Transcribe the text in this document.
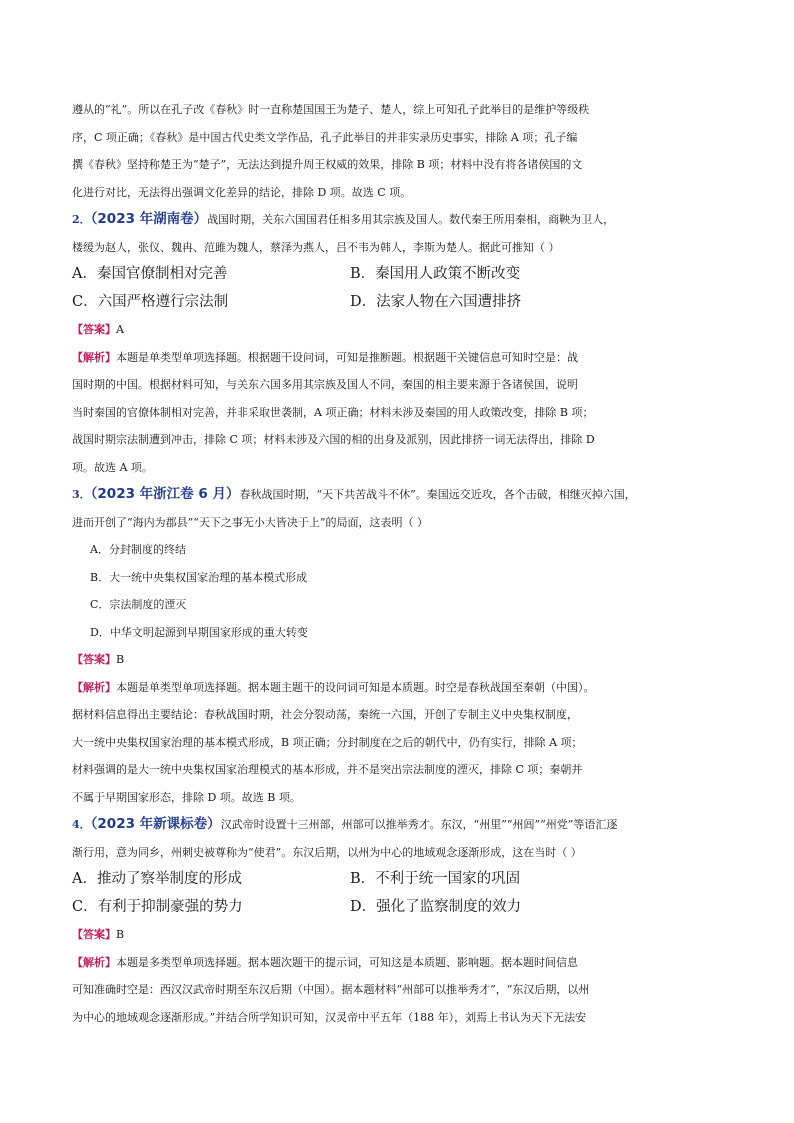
遵从的“礼”。所以在孔子改《春秋》时一直称楚国国王为楚子、楚人，综上可知孔子此举目的是维护等级秩
序，C 项正确；《春秋》是中国古代史类文学作品，孔子此举目的并非实录历史事实，排除 A 项；孔子编
撰《春秋》坚持称楚王为“楚子”，无法达到提升周王权威的效果，排除 B 项；材料中没有将各诸侯国的文
化进行对比，无法得出强调文化差异的结论，排除 D 项。故选 C 项。
2．（2023 年湖南卷）战国时期，关东六国国君任相多用其宗族及国人。数代秦王所用秦相，商鞅为卫人，
楼缓为赵人，张仪、魏冉、范雎为魏人，蔡泽为燕人，吕不韦为韩人，李斯为楚人。据此可推知（ ）
A．秦国官僚制相对完善	B．秦国用人政策不断改变
C．六国严格遵行宗法制	D．法家人物在六国遭排挤
【答案】A
【解析】本题是单类型单项选择题。根据题干设问词，可知是推断题。根据题干关键信息可知时空是：战
国时期的中国。根据材料可知，与关东六国多用其宗族及国人不同，秦国的相主要来源于各诸侯国，说明
当时秦国的官僚体制相对完善，并非采取世袭制，A 项正确；材料未涉及秦国的用人政策改变，排除 B 项；
战国时期宗法制遭到冲击，排除 C 项；材料未涉及六国的相的出身及派别，因此排挤一词无法得出，排除 D
项。故选 A 项。
3．（2023 年浙江卷 6 月）春秋战国时期，“天下共苦战斗不休”。秦国远交近攻，各个击破，相继灭掉六国，
进而开创了“海内为郡县”“天下之事无小大皆决于上”的局面，这表明（ ）
A．分封制度的终结
B．大一统中央集权国家治理的基本模式形成
C．宗法制度的湮灭
D．中华文明起源到早期国家形成的重大转变
【答案】B
【解析】本题是单类型单项选择题。据本题主题干的设问词可知是本质题。时空是春秋战国至秦朝（中国）。
据材料信息得出主要结论：春秋战国时期，社会分裂动荡，秦统一六国，开创了专制主义中央集权制度，
大一统中央集权国家治理的基本模式形成，B 项正确；分封制度在之后的朝代中，仍有实行，排除 A 项；
材料强调的是大一统中央集权国家治理模式的基本形成，并不是突出宗法制度的湮灭，排除 C 项；秦朝并
不属于早期国家形态，排除 D 项。故选 B 项。
4．（2023 年新课标卷）汉武帝时设置十三州部，州部可以推举秀才。东汉，“州里”“州闾”“州党”等语汇逐
渐行用，意为同乡，州刺史被尊称为“使君”。东汉后期，以州为中心的地域观念逐渐形成，这在当时（ ）
A．推动了察举制度的形成	B．不利于统一国家的巩固
C．有利于抑制豪强的势力	D．强化了监察制度的效力
【答案】B
【解析】本题是多类型单项选择题。据本题次题干的提示词，可知这是本质题、影响题。据本题时间信息
可知准确时空是：西汉汉武帝时期至东汉后期（中国）。据本题材料“州部可以推举秀才”，“东汉后期，以州
为中心的地域观念逐渐形成。”并结合所学知识可知，汉灵帝中平五年（188 年），刘焉上书认为天下无法安
